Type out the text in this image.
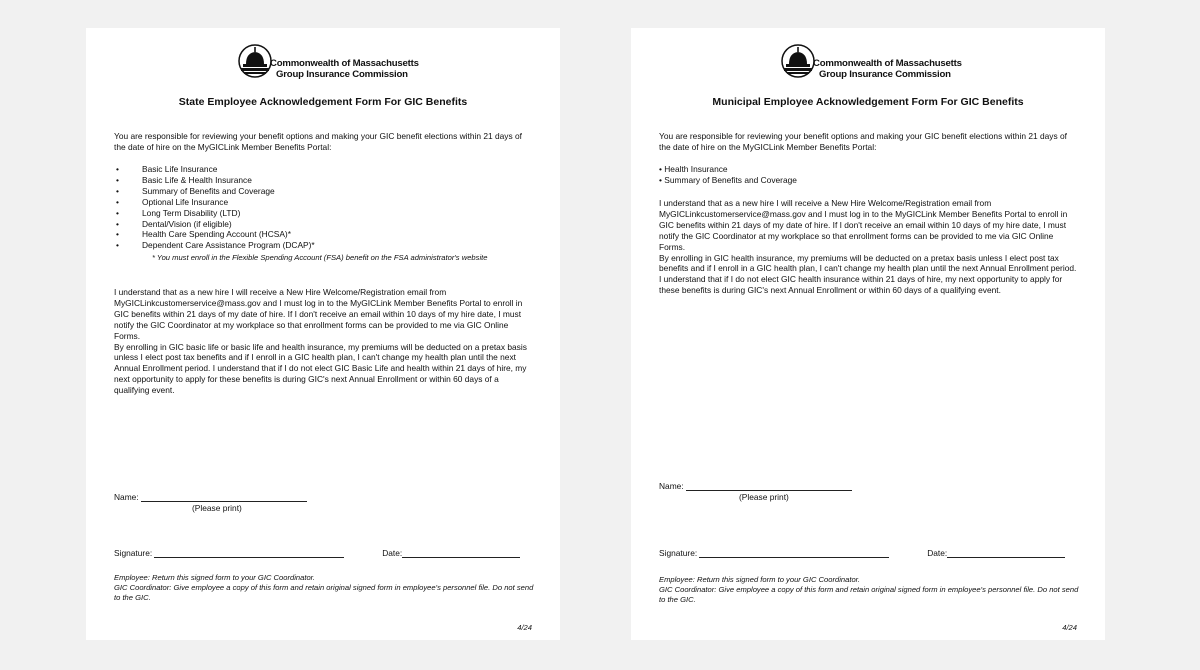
Commonwealth of Massachusetts
Group Insurance Commission
State Employee Acknowledgement Form For GIC Benefits
You are responsible for reviewing your benefit options and making your GIC benefit elections within 21 days of the date of hire on the MyGICLink Member Benefits Portal:
•	Basic Life Insurance
•	Basic Life & Health Insurance
•	Summary of Benefits and Coverage
•	Optional Life Insurance
•	Long Term Disability (LTD)
•	Dental/Vision (if eligible)
•	Health Care Spending Account (HCSA)*
•	Dependent Care Assistance Program (DCAP)*
* You must enroll in the Flexible Spending Account (FSA) benefit on the FSA administrator's website
I understand that as a new hire I will receive a New Hire Welcome/Registration email from MyGICLinkcustomerservice@mass.gov and I must log in to the MyGICLink Member Benefits Portal to enroll in GIC benefits within 21 days of my date of hire. If I don't receive an email within 10 days of my hire date, I must notify the GIC Coordinator at my workplace so that enrollment forms can be provided to me via GIC Online Forms.
By enrolling in GIC basic life or basic life and health insurance, my premiums will be deducted on a pretax basis unless I elect post tax benefits and if I enroll in a GIC health plan, I can't change my health plan until the next Annual Enrollment period. I understand that if I do not elect GIC Basic Life and health within 21 days of hire, my next opportunity to apply for these benefits is during GIC's next Annual Enrollment or within 60 days of a qualifying event.
Name:
(Please print)
Signature:	Date:
Employee: Return this signed form to your GIC Coordinator.
GIC Coordinator: Give employee a copy of this form and retain original signed form in employee's personnel file. Do not send to the GIC.
4/24
Commonwealth of Massachusetts
Group Insurance Commission
Municipal Employee Acknowledgement Form For GIC Benefits
You are responsible for reviewing your benefit options and making your GIC benefit elections within 21 days of the date of hire on the MyGICLink Member Benefits Portal:
• Health Insurance
• Summary of Benefits and Coverage
I understand that as a new hire I will receive a New Hire Welcome/Registration email from MyGICLinkcustomerservice@mass.gov and I must log in to the MyGICLink Member Benefits Portal to enroll in GIC benefits within 21 days of my date of hire. If I don't receive an email within 10 days of my hire date, I must notify the GIC Coordinator at my workplace so that enrollment forms can be provided to me via GIC Online Forms.
By enrolling in GIC health insurance, my premiums will be deducted on a pretax basis unless I elect post tax benefits and if I enroll in a GIC health plan, I can't change my health plan until the next Annual Enrollment period. I understand that if I do not elect GIC health insurance within 21 days of hire, my next opportunity to apply for these benefits is during GIC's next Annual Enrollment or within 60 days of a qualifying event.
Name:
(Please print)
Signature:	Date:
Employee: Return this signed form to your GIC Coordinator.
GIC Coordinator: Give employee a copy of this form and retain original signed form in employee's personnel file. Do not send to the GIC.
4/24
